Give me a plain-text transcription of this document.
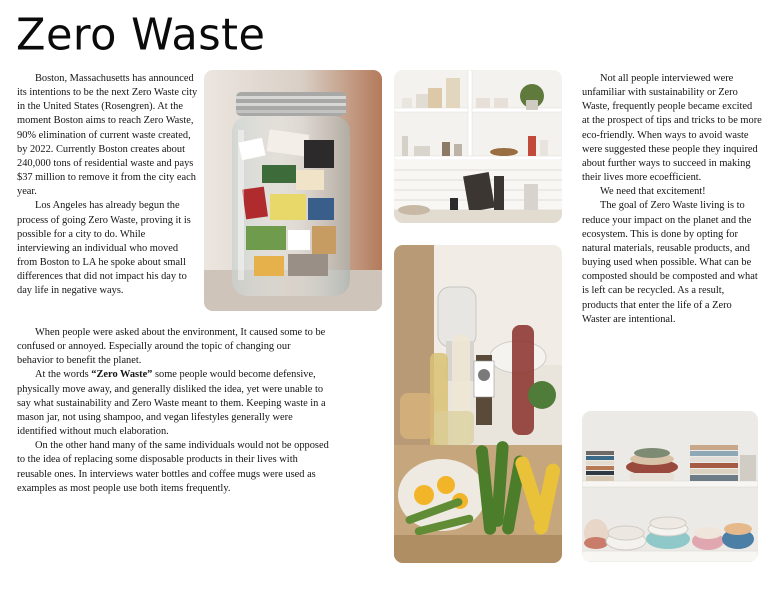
Zero Waste

Boston, Massachusetts has announced its intentions to be the next Zero Waste city in the United States (Rosengren). At the moment Boston aims to reach Zero Waste, 90% elimination of current waste created, by 2022. Currently Boston creates about 240,000 tons of residential waste and pays $37 million to remove it from the city each year.

Los Angeles has already begun the process of going Zero Waste, proving it is possible for a city to do. While interviewing an individual who moved from Boston to LA he spoke about small differences that did not impact his day to day life in negative ways.

When people were asked about the environment, It caused some to be confused or annoyed. Especially around the topic of changing our behavior to benefit the planet.

At the words “Zero Waste” some people would become defensive, physically move away, and generally disliked the idea, yet were unable to say what sustainability and Zero Waste meant to them. Keeping waste in a mason jar, not using shampoo, and vegan lifestyles generally were identified without much elaboration.

On the other hand many of the same individuals would not be opposed to the idea of replacing some disposable products in their lives with reusable ones. In interviews water bottles and coffee mugs were used as examples as most people use both items frequently.

Not all people interviewed were unfamiliar with sustainability or Zero Waste, frequently people became excited at the prospect of tips and tricks to be more eco-friendly. When ways to avoid waste were suggested these people they inquired about further ways to succeed in making their lives more ecoefficient.

We need that excitement!

The goal of Zero Waste living is to reduce your impact on the planet and the ecosystem. This is done by opting for natural materials, reusable products, and buying used when possible. What can be composted should be composted and what is left can be recycled. As a result, products that enter the life of a Zero Waster are intentional.
